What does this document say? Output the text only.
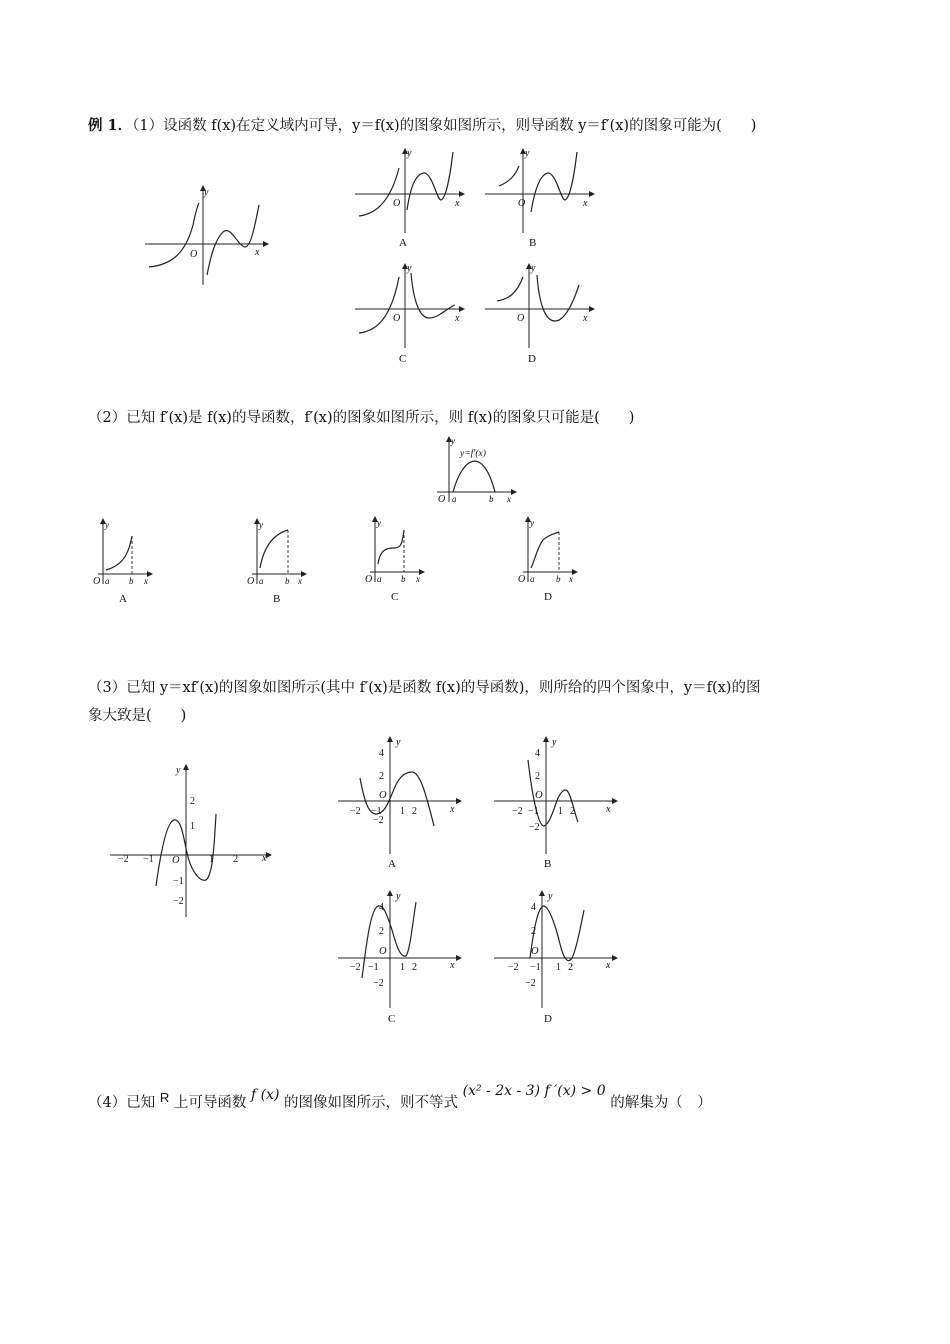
例 1．（1）设函数 f(x)在定义域内可导，y＝f(x)的图象如图所示，则导函数 y＝f′(x)的图象可能为(　　)
y
O	x
y
O	x
A
y
O	x
B
y
O	x
C
y
O	x
D
（2）已知 f′(x)是 f(x)的导函数，f′(x)的图象如图所示，则 f(x)的图象只可能是(　　)
y=f′(x)
y
O a	b x
y
O a b x
A
y
O a b x
B
y
O a b x
C
y
O a b x
D
（3）已知 y＝xf′(x)的图象如图所示(其中 f′(x)是函数 f(x)的导函数)，则所给的四个图象中，y＝f(x)的图
象大致是(　　)
y
2
1
−1
−2
−2 −1 O	1 2 x
y
4
2
O
−2
−2 −1 1 2	x
A
y
4
2
O
−2
−2 −1 1 2	x
B
y
4
2
O
−2
−2 −1 1 2	x
C
y
4
2
O
−2
−2 −1 1 2	x
D
（4）已知 R 上可导函数 f (x) 的图像如图所示，则不等式 (x² - 2x - 3) f ′(x) > 0 的解集为（　）
